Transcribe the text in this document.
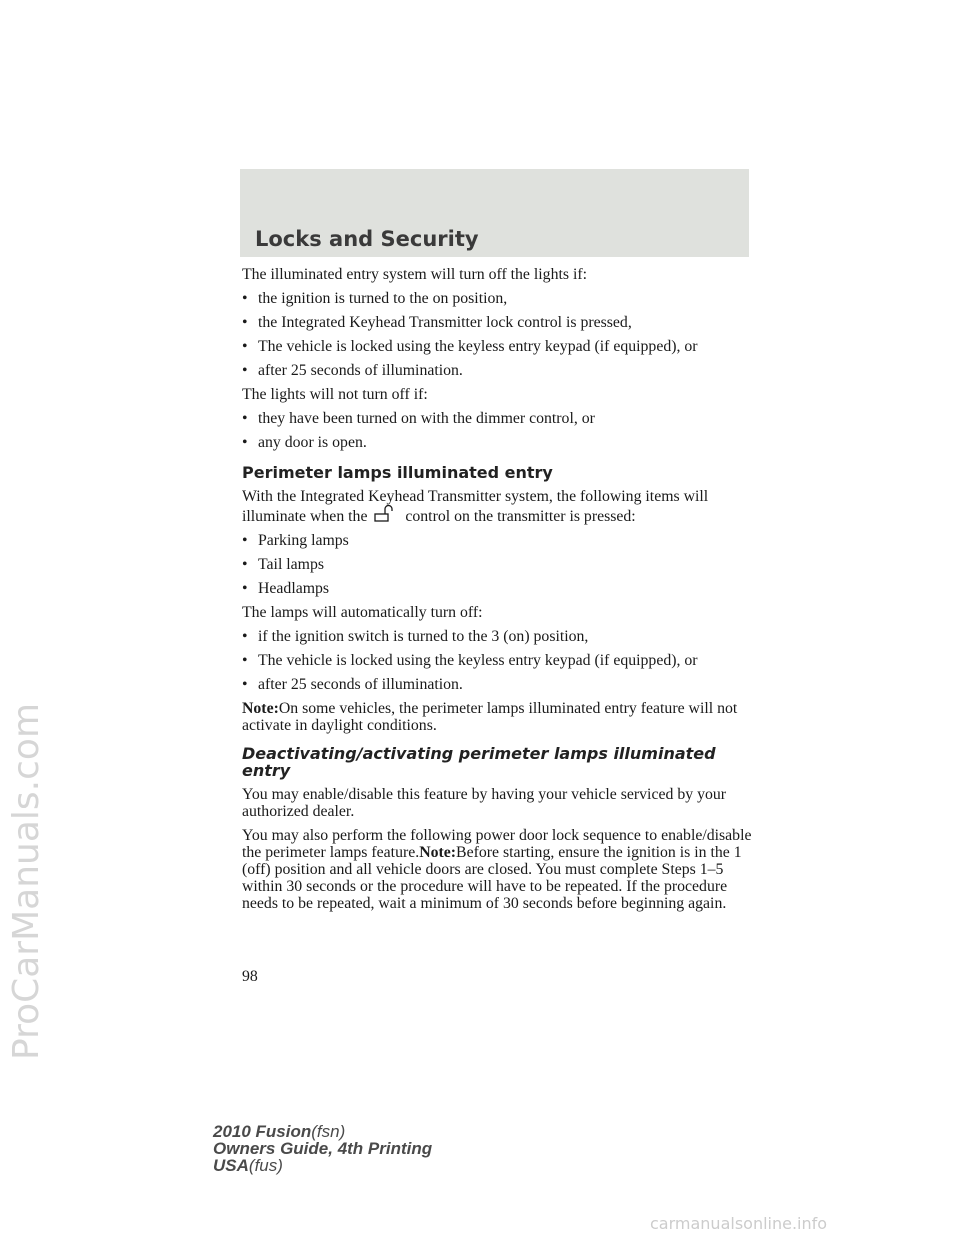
ProCarManuals.com
Locks and Security

The illuminated entry system will turn off the lights if:

• the ignition is turned to the on position,
• the Integrated Keyhead Transmitter lock control is pressed,
• The vehicle is locked using the keyless entry keypad (if equipped), or
• after 25 seconds of illumination.

The lights will not turn off if:

• they have been turned on with the dimmer control, or
• any door is open.
Perimeter lamps illuminated entry

With the Integrated Keyhead Transmitter system, the following items will illuminate when the control on the transmitter is pressed:

• Parking lamps
• Tail lamps
• Headlamps

The lamps will automatically turn off:

• if the ignition switch is turned to the 3 (on) position,
• The vehicle is locked using the keyless entry keypad (if equipped), or
• after 25 seconds of illumination.

Note:On some vehicles, the perimeter lamps illuminated entry feature will not activate in daylight conditions.

Deactivating/activating perimeter lamps illuminated entry

You may enable/disable this feature by having your vehicle serviced by your authorized dealer.

You may also perform the following power door lock sequence to enable/disable the perimeter lamps feature.Note:Before starting, ensure the ignition is in the 1 (off) position and all vehicle doors are closed. You must complete Steps 1–5 within 30 seconds or the procedure will have to be repeated. If the procedure needs to be repeated, wait a minimum of 30 seconds before beginning again.

98
2010 Fusion(fsn)
Owners Guide, 4th Printing
USA(fus)
carmanualsonline.info
